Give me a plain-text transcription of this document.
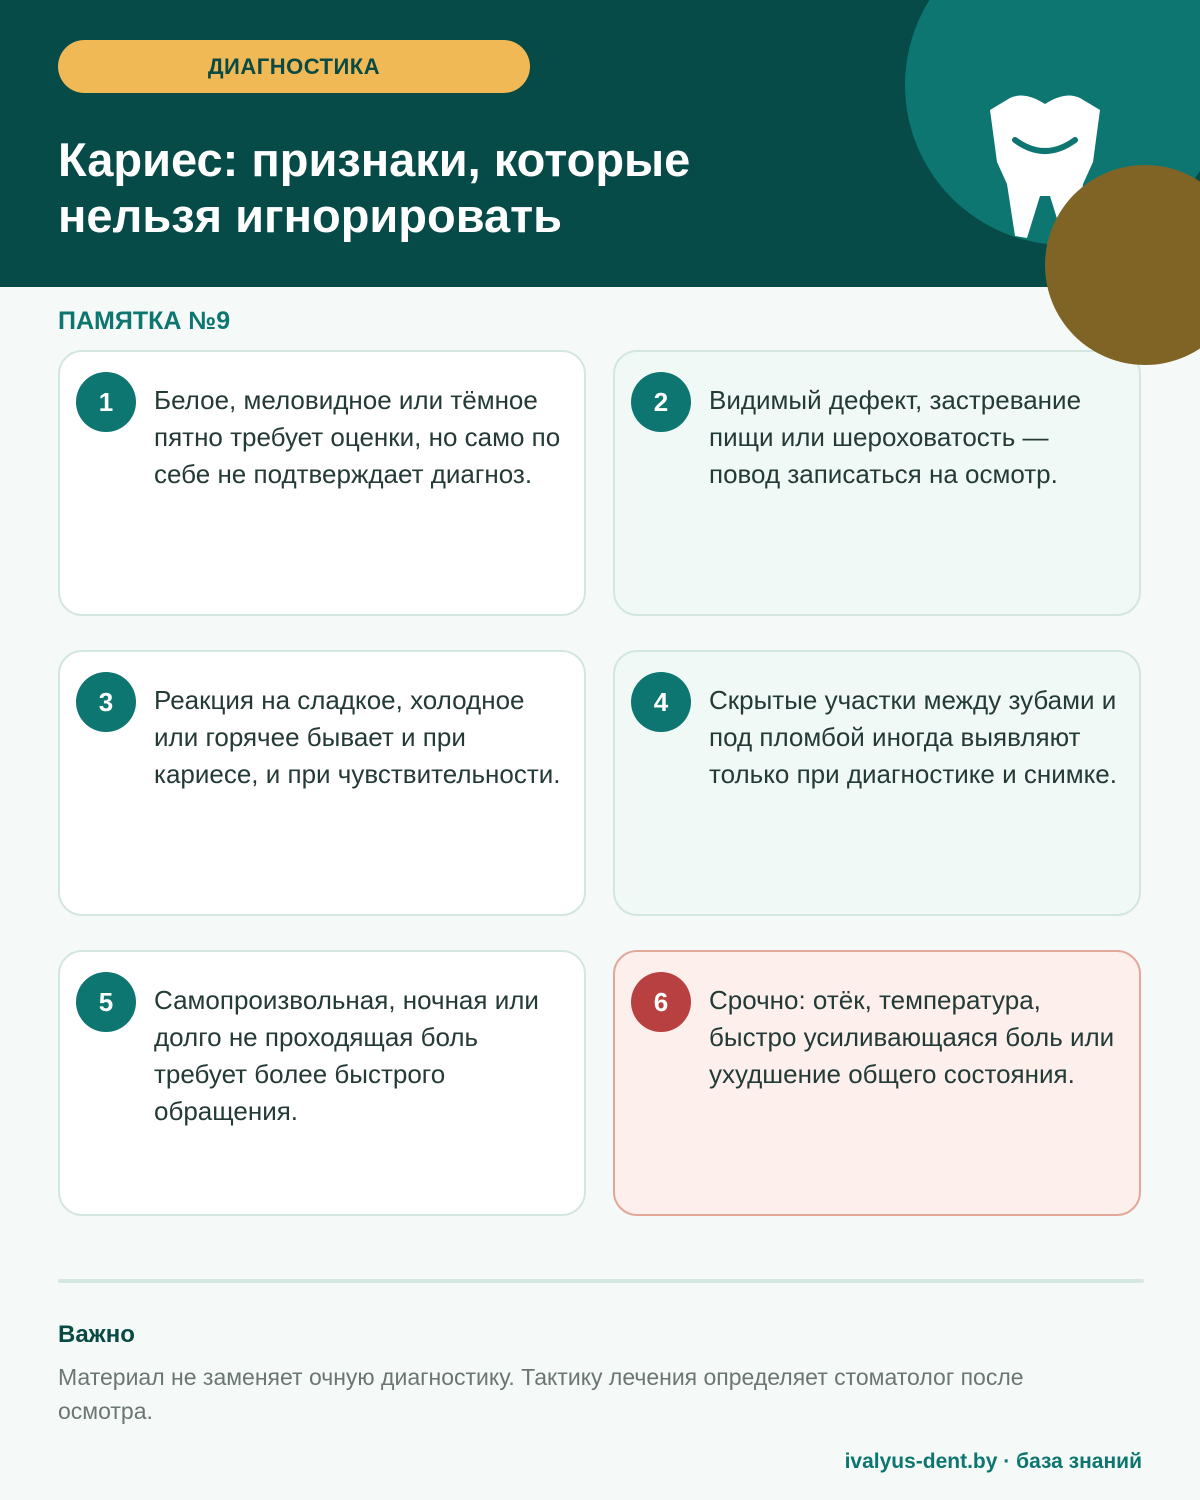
ДИАГНОСТИКА
Кариес: признаки, которые нельзя игнорировать
ПАМЯТКА №9
1	Белое, меловидное или тёмное пятно требует оценки, но само по себе не подтверждает диагноз.
2	Видимый дефект, застревание пищи или шероховатость — повод записаться на осмотр.
3	Реакция на сладкое, холодное или горячее бывает и при кариесе, и при чувствительности.
4	Скрытые участки между зубами и под пломбой иногда выявляют только при диагностике и снимке.
5	Самопроизвольная, ночная или долго не проходящая боль требует более быстрого обращения.
6	Срочно: отёк, температура, быстро усиливающаяся боль или ухудшение общего состояния.
Важно
Материал не заменяет очную диагностику. Тактику лечения определяет стоматолог после осмотра.
ivalyus-dent.by · база знаний
